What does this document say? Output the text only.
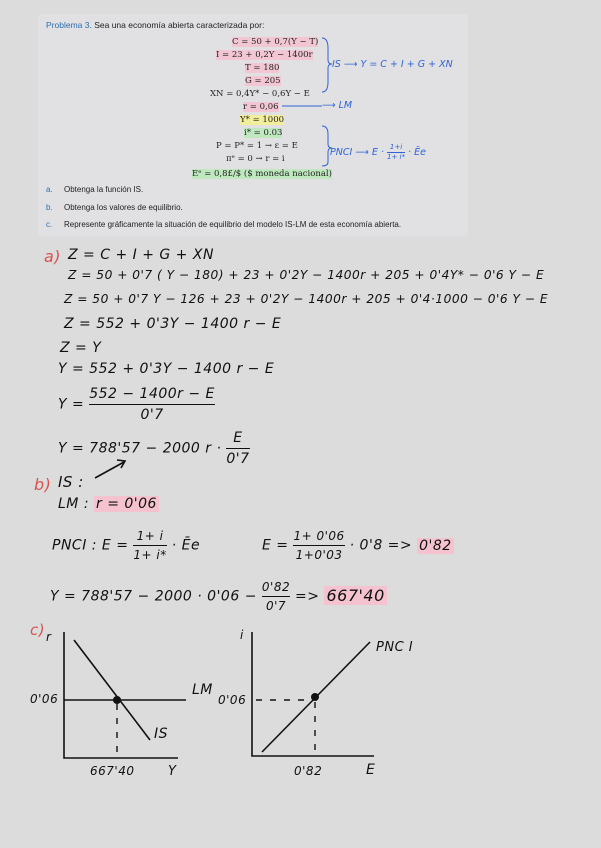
Problema 3. Sea una economía abierta caracterizada por:
C = 50 + 0,7(Y − T)
I = 23 + 0,2Y − 1400r
T = 180
G = 205
XN = 0,4Y* − 0,6Y − E
r = 0,06
Y* = 1000
i* = 0.03
P = P* = 1 → ε = E
πᵉ = 0 → r = i
Eᵉ = 0,8£/$ ($ moneda nacional)
IS ⟶ Y = C + I + G + XN
⟶ LM
PNCI ⟶ $E \cdot \frac{1+i}{1+ i*}$ · Ēe
a. Obtenga la función IS.
b. Obtenga los valores de equilibrio.
c. Represente gráficamente la situación de equilibrio del modelo IS-LM de esta economía abierta.
a) Z = C + I + G + XN
Z = 50 + 0'7 ( Y − 180) + 23 + 0'2Y − 1400r + 205 + 0'4Y* − 0'6 Y − E
Z = 50 + 0'7 Y − 126 + 23 + 0'2Y − 1400r + 205 + 0'4·1000 − 0'6 Y − E
Z = 552 + 0'3Y − 1400 r − E
Z = Y
Y = 552 + 0'3Y − 1400 r − E
$Y = \frac{552 - 1400r - E}{0'7}$
Y = 788'57 − 2000 $r \cdot \frac{E}{0'7}$
b) IS :
LM : r = 0'06
PNCI : $E = \frac{1+ i}{1+ i*}$ · Ēe	$E = \frac{1+ 0'06}{1+0'03} \cdot 0'8 => 0'82$
$Y = 788'57 - 2000 \cdot 0'06 - \frac{0'82}{0'7} => 667'40$
c) r
0'06
LM
IS
667'40	Y
i
0'06
PNC I
0'82	E
